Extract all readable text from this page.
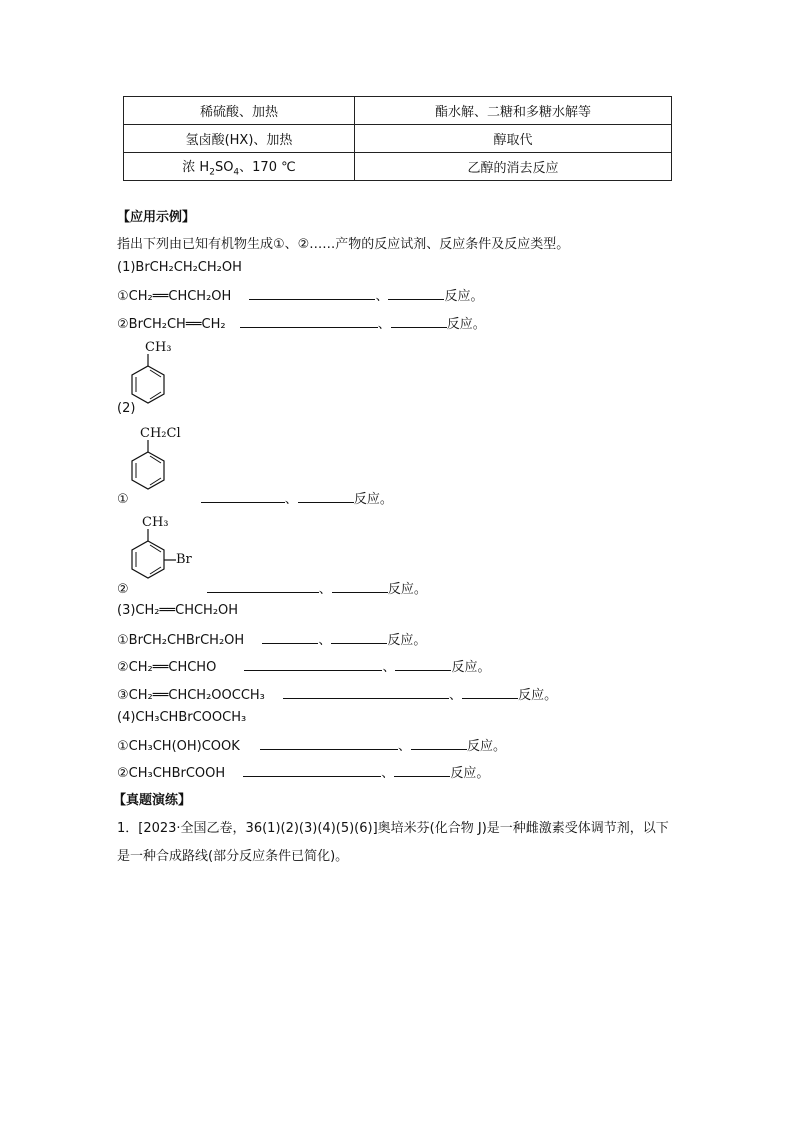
稀硫酸、加热	酯水解、二糖和多糖水解等
氢卤酸(HX)、加热	醇取代
浓 $H_2SO_4$、170 ℃	乙醇的消去反应
【应用示例】
指出下列由已知有机物生成①、②……产物的反应试剂、反应条件及反应类型。
(1)BrCH₂CH₂CH₂OH
①CH₂══CHCH₂OH	、	反应。
②BrCH₂CH══CH₂	、	反应。
CH₃
(2)
CH₂Cl
①	、	反应。
CH₃
Br
②	、	反应。
(3)CH₂══CHCH₂OH
①BrCH₂CHBrCH₂OH	、	反应。
②CH₂══CHCHO	、	反应。
③CH₂══CHCH₂OOCCH₃	、	反应。
(4)CH₃CHBrCOOCH₃
①CH₃CH(OH)COOK	、	反应。
②CH₃CHBrCOOH	、	反应。
【真题演练】
1．[2023·全国乙卷，36(1)(2)(3)(4)(5)(6)]奥培米芬(化合物 J)是一种雌激素受体调节剂，以下
是一种合成路线(部分反应条件已简化)。
